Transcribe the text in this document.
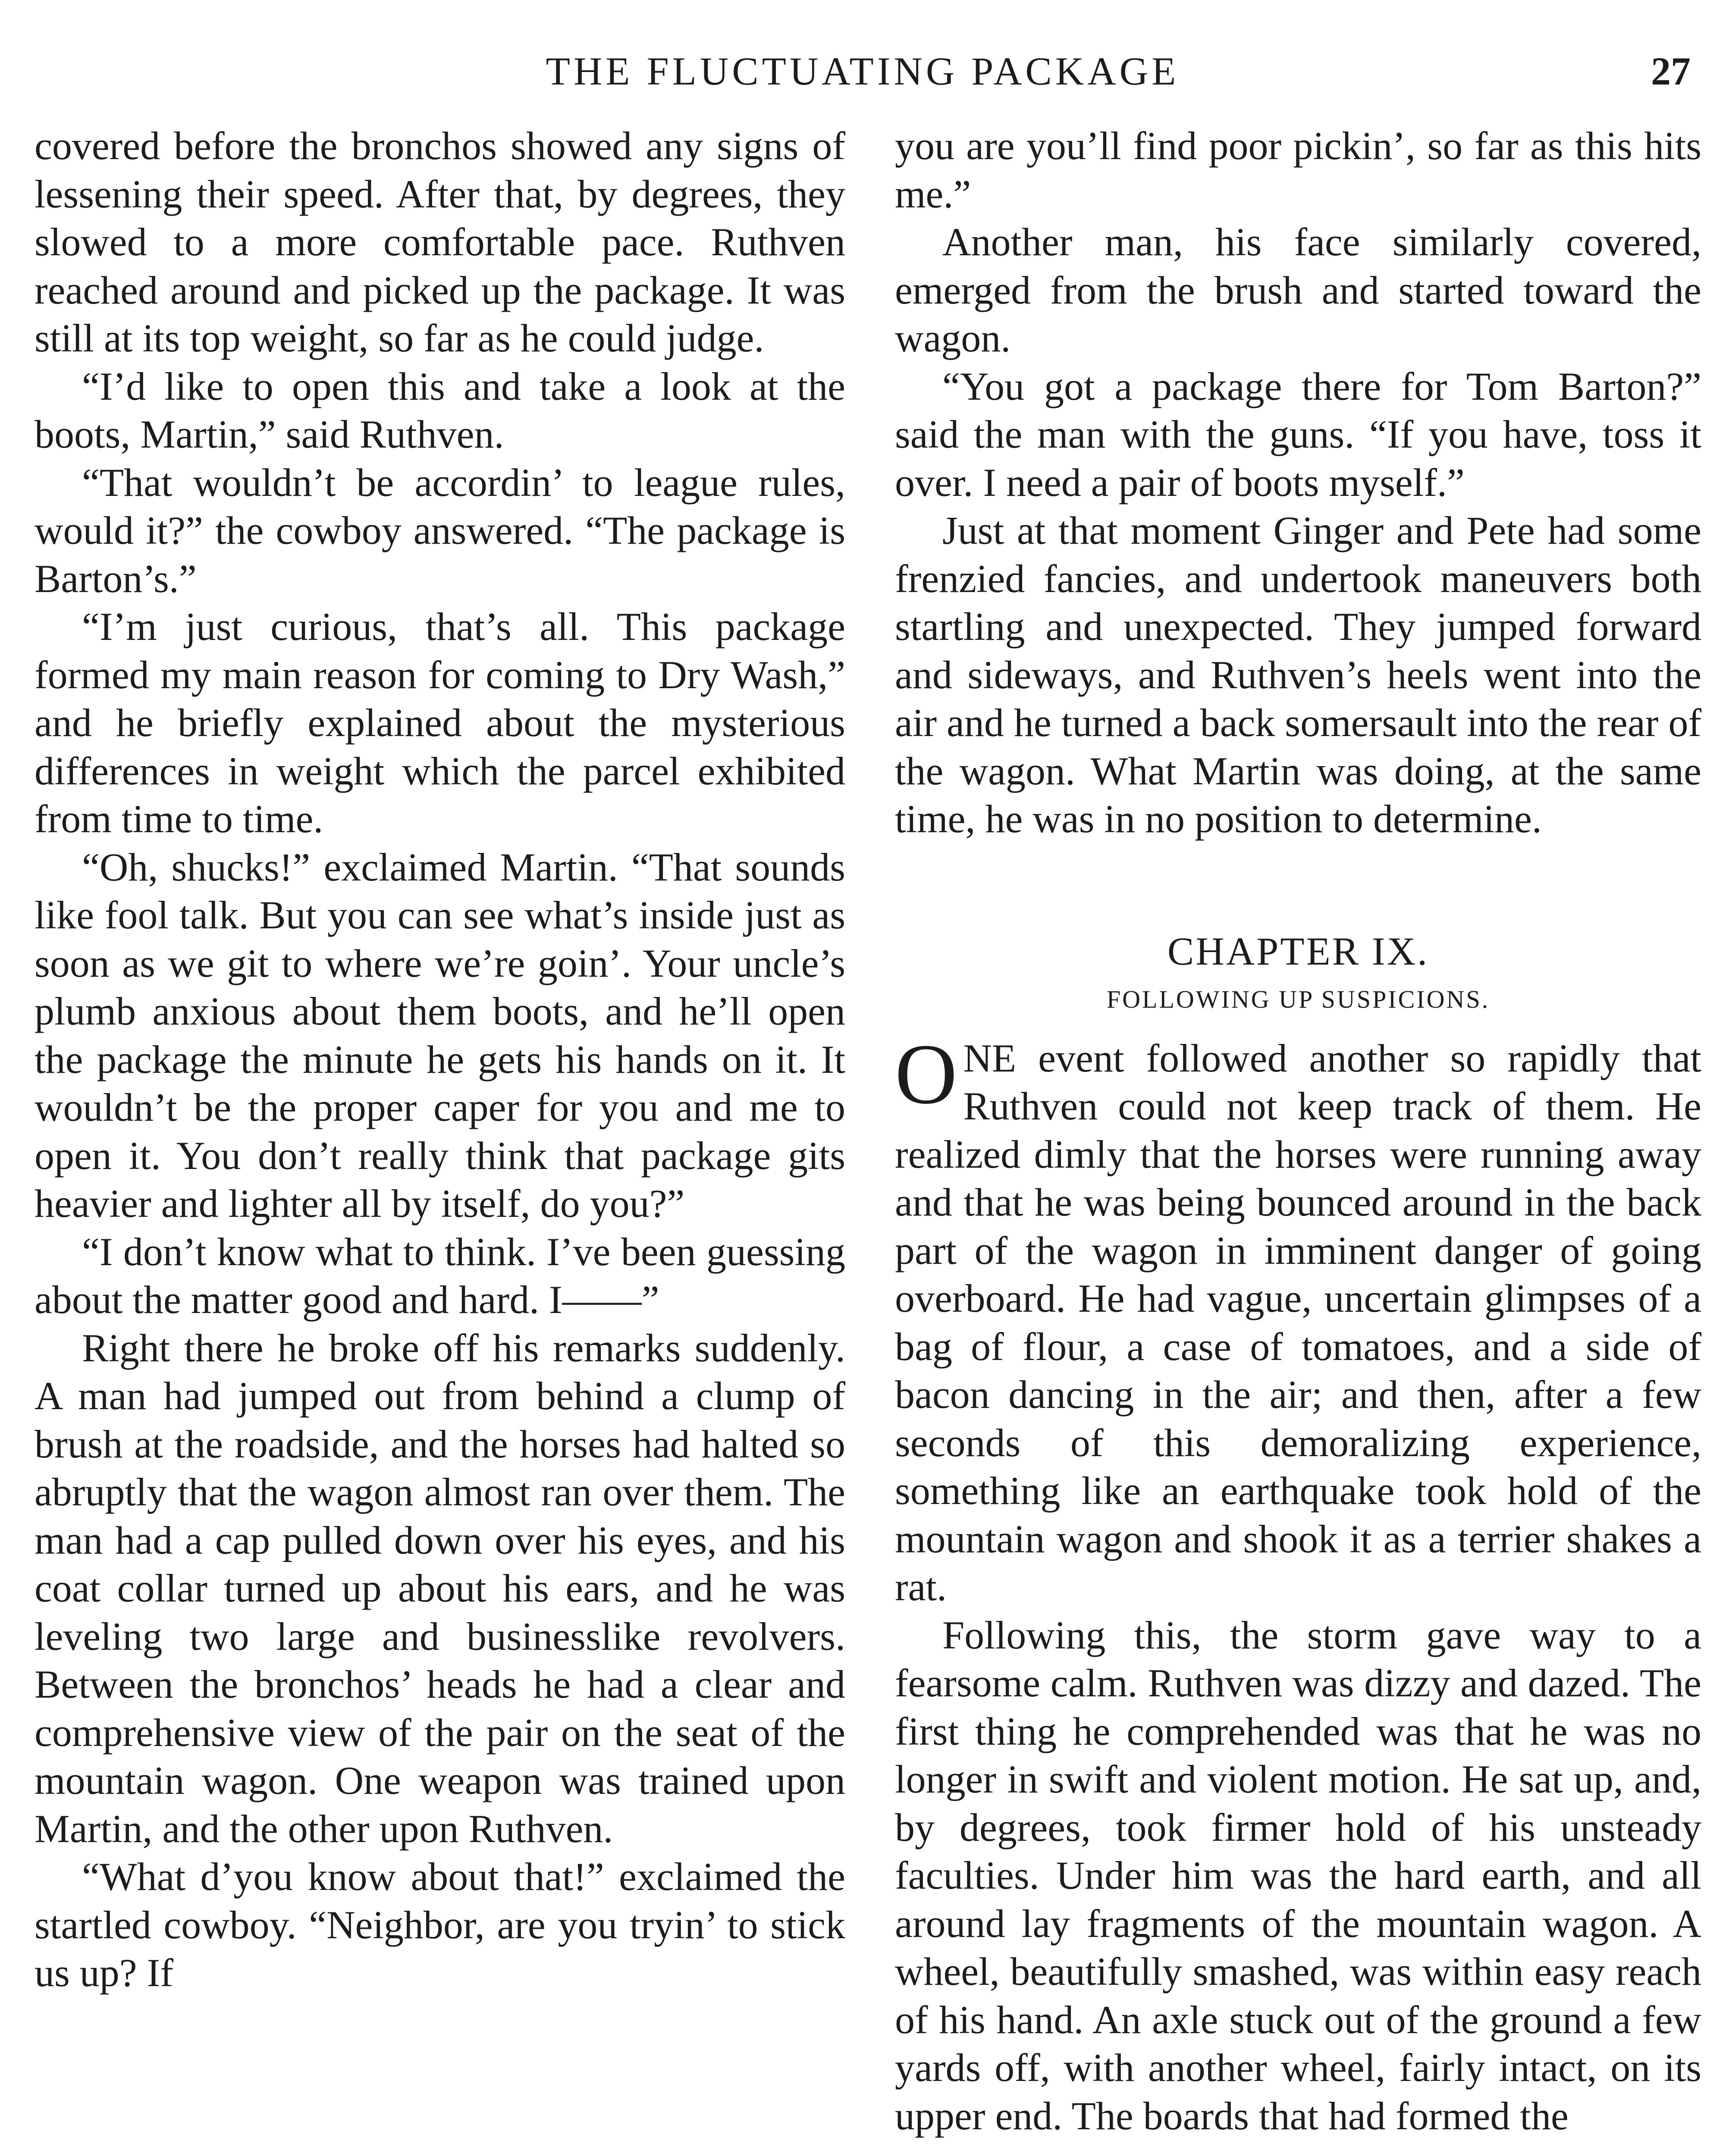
THE FLUCTUATING PACKAGE	27

covered before the bronchos showed any signs of lessening their speed. After that, by degrees, they slowed to a more comfortable pace. Ruthven reached around and picked up the package. It was still at its top weight, so far as he could judge.

“I’d like to open this and take a look at the boots, Martin,” said Ruthven.

“That wouldn’t be accordin’ to league rules, would it?” the cowboy answered. “The package is Barton’s.”

“I’m just curious, that’s all. This package formed my main reason for coming to Dry Wash,” and he briefly explained about the mysterious differences in weight which the parcel exhibited from time to time.

“Oh, shucks!” exclaimed Martin. “That sounds like fool talk. But you can see what’s inside just as soon as we git to where we’re goin’. Your uncle’s plumb anxious about them boots, and he’ll open the package the minute he gets his hands on it. It wouldn’t be the proper caper for you and me to open it. You don’t really think that package gits heavier and lighter all by itself, do you?”

“I don’t know what to think. I’ve been guessing about the matter good and hard. I——”

Right there he broke off his remarks suddenly. A man had jumped out from behind a clump of brush at the roadside, and the horses had halted so abruptly that the wagon almost ran over them. The man had a cap pulled down over his eyes, and his coat collar turned up about his ears, and he was leveling two large and businesslike revolvers. Between the bronchos’ heads he had a clear and comprehensive view of the pair on the seat of the mountain wagon. One weapon was trained upon Martin, and the other upon Ruthven.

“What d’you know about that!” exclaimed the startled cowboy. “Neighbor, are you tryin’ to stick us up? If

you are you’ll find poor pickin’, so far as this hits me.”

Another man, his face similarly covered, emerged from the brush and started toward the wagon.

“You got a package there for Tom Barton?” said the man with the guns. “If you have, toss it over. I need a pair of boots myself.”

Just at that moment Ginger and Pete had some frenzied fancies, and undertook maneuvers both startling and unexpected. They jumped forward and sideways, and Ruthven’s heels went into the air and he turned a back somersault into the rear of the wagon. What Martin was doing, at the same time, he was in no position to determine.

CHAPTER IX.
FOLLOWING UP SUSPICIONS.

ONE event followed another so rapidly that Ruthven could not keep track of them. He realized dimly that the horses were running away and that he was being bounced around in the back part of the wagon in imminent danger of going overboard. He had vague, uncertain glimpses of a bag of flour, a case of tomatoes, and a side of bacon dancing in the air; and then, after a few seconds of this demoralizing experience, something like an earthquake took hold of the mountain wagon and shook it as a terrier shakes a rat.

Following this, the storm gave way to a fearsome calm. Ruthven was dizzy and dazed. The first thing he comprehended was that he was no longer in swift and violent motion. He sat up, and, by degrees, took firmer hold of his unsteady faculties. Under him was the hard earth, and all around lay fragments of the mountain wagon. A wheel, beautifully smashed, was within easy reach of his hand. An axle stuck out of the ground a few yards off, with another wheel, fairly intact, on its upper end. The boards that had formed the
